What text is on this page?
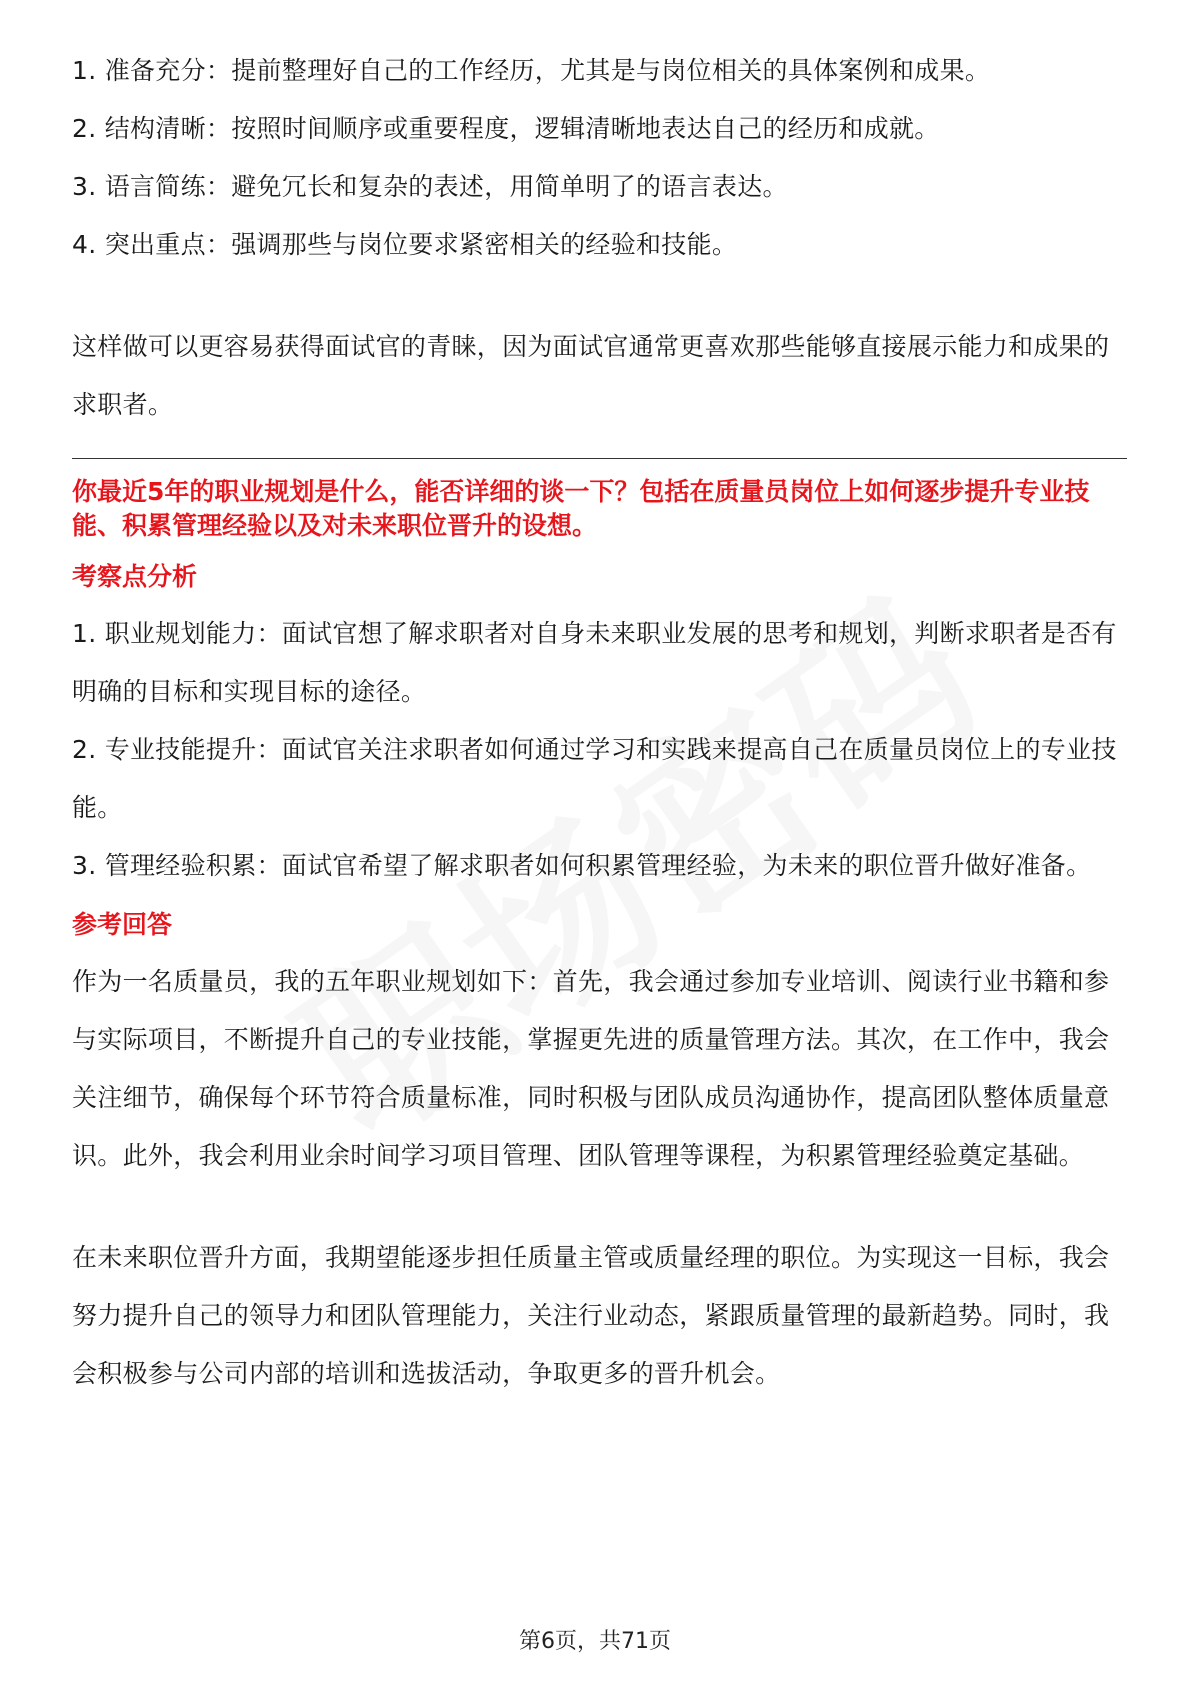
1. 准备充分：提前整理好自己的工作经历，尤其是与岗位相关的具体案例和成果。

2. 结构清晰：按照时间顺序或重要程度，逻辑清晰地表达自己的经历和成就。

3. 语言简练：避免冗长和复杂的表述，用简单明了的语言表达。

4. 突出重点：强调那些与岗位要求紧密相关的经验和技能。

这样做可以更容易获得面试官的青睐，因为面试官通常更喜欢那些能够直接展示能力和成果的求职者。

你最近5年的职业规划是什么，能否详细的谈一下？包括在质量员岗位上如何逐步提升专业技能、积累管理经验以及对未来职位晋升的设想。

考察点分析

1. 职业规划能力：面试官想了解求职者对自身未来职业发展的思考和规划，判断求职者是否有明确的目标和实现目标的途径。

2. 专业技能提升：面试官关注求职者如何通过学习和实践来提高自己在质量员岗位上的专业技能。

3. 管理经验积累：面试官希望了解求职者如何积累管理经验，为未来的职位晋升做好准备。

参考回答

作为一名质量员，我的五年职业规划如下：首先，我会通过参加专业培训、阅读行业书籍和参与实际项目，不断提升自己的专业技能，掌握更先进的质量管理方法。其次，在工作中，我会关注细节，确保每个环节符合质量标准，同时积极与团队成员沟通协作，提高团队整体质量意识。此外，我会利用业余时间学习项目管理、团队管理等课程，为积累管理经验奠定基础。

在未来职位晋升方面，我期望能逐步担任质量主管或质量经理的职位。为实现这一目标，我会努力提升自己的领导力和团队管理能力，关注行业动态，紧跟质量管理的最新趋势。同时，我会积极参与公司内部的培训和选拔活动，争取更多的晋升机会。

第6页，共71页
